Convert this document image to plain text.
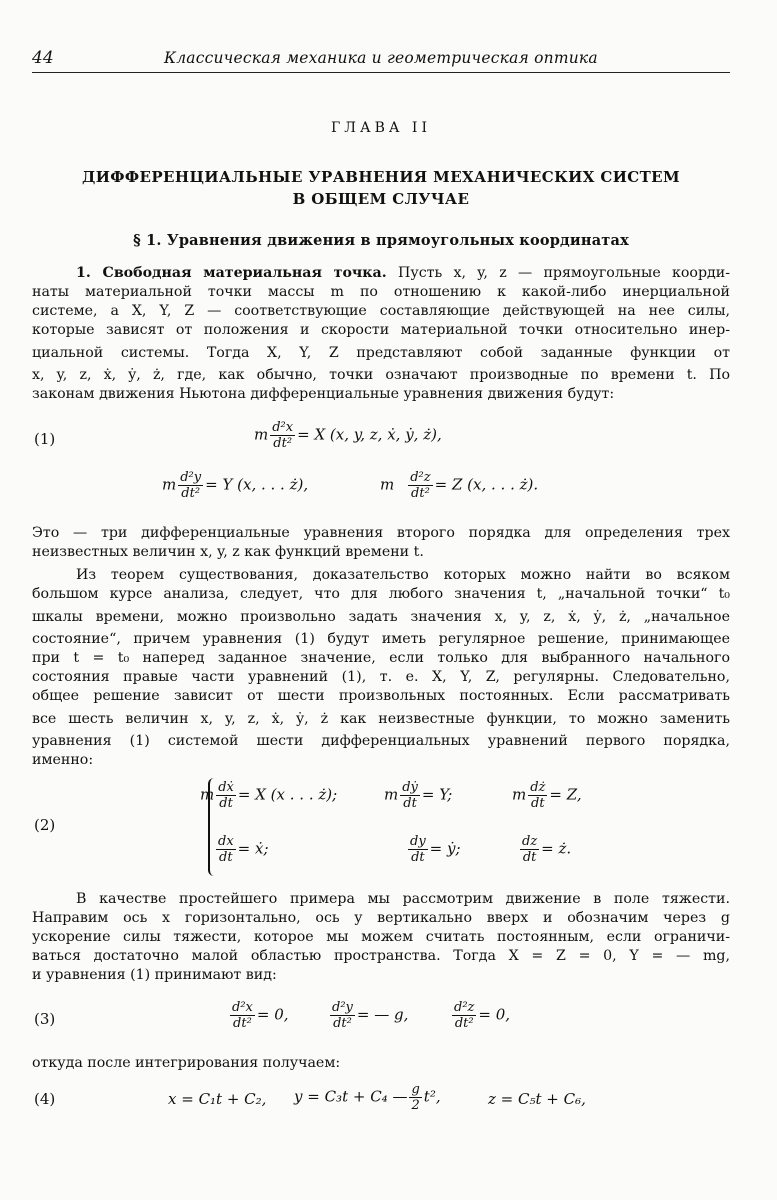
44	Классическая механика и геометрическая оптика
ГЛАВА II
ДИФФЕРЕНЦИАЛЬНЫЕ УРАВНЕНИЯ МЕХАНИЧЕСКИХ СИСТЕМ
В ОБЩЕМ СЛУЧАЕ
§ 1. Уравнения движения в прямоугольных координатах
1. Свободная материальная точка. Пусть x, y, z — прямоугольные коорди-
наты материальной точки массы m по отношению к какой-либо инерциальной
системе, а X, Y, Z — соответствующие составляющие действующей на нее силы,
которые зависят от положения и скорости материальной точки относительно инер-
циальной системы. Тогда X, Y, Z представляют собой заданные функции от
x, y, z, ẋ, ẏ, ż, где, как обычно, точки означают производные по времени t. По
законам движения Ньютона дифференциальные уравнения движения будут:
(1)	m $\frac{\text{d²x}}{\text{dt²}} = X$ (x, y, z, ẋ, ẏ, ż),
m $\frac{\text{d²y}}{\text{dt²}} = Y$ (x, . . . ż),	m $\frac{\text{d²z}}{\text{dt²}} = Z$ (x, . . . ż).
Это — три дифференциальные уравнения второго порядка для определения трех
неизвестных величин x, y, z как функций времени t.
Из теорем существования, доказательство которых можно найти во всяком
большом курсе анализа, следует, что для любого значения t, „начальной точки“ t₀
шкалы времени, можно произвольно задать значения x, y, z, ẋ, ẏ, ż, „начальное
состояние“, причем уравнения (1) будут иметь регулярное решение, принимающее
при t = t₀ наперед заданное значение, если только для выбранного начального
состояния правые части уравнений (1), т. е. X, Y, Z, регулярны. Следовательно,
общее решение зависит от шести произвольных постоянных. Если рассматривать
все шесть величин x, y, z, ẋ, ẏ, ż как неизвестные функции, то можно заменить
уравнения (1) системой шести дифференциальных уравнений первого порядка,
именно:
(2)
m $\frac{\text{dẋ}}{dt} = X$ (x . . . ż);	m $\frac{\text{dẏ}}{dt} = Y$;	m $\frac{dż}{dt} = Z$,
$\frac{dx}{dt}$ = ẋ;	$\frac{dy}{dt}$ = ẏ;	$\frac{dz}{dt}$ = ż.
В качестве простейшего примера мы рассмотрим движение в поле тяжести.
Направим ось x горизонтально, ось y вертикально вверх и обозначим через g
ускорение силы тяжести, которое мы можем считать постоянным, если ограничи-
ваться достаточно малой областью пространства. Тогда X = Z = 0, Y = — mg,
и уравнения (1) принимают вид:
(3)	$\frac{\text{d²x}}{\text{dt²}} = 0$,	$\frac{\text{d²y}}{\text{dt²}}$ = — g,	$\frac{\text{d²z}}{\text{dt²}} = 0$,
откуда после интегрирования получаем:
(4)	x = C₁t + C₂, y = C₃t + C₄ — $\frac{g}{2} t^2$,	z = C₅t + C₆,
